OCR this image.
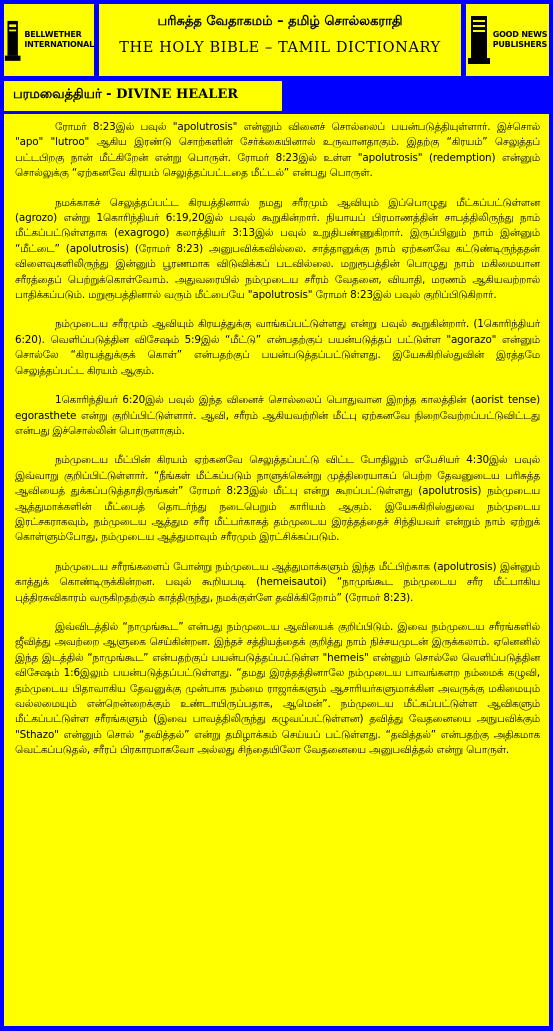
BELLWETHER
INTERNATIONAL
பரிசுத்த வேதாகமம் – தமிழ் சொல்லகராதி
THE HOLY BIBLE – TAMIL DICTIONARY
GOOD NEWS
PUBLISHERS
பரமவைத்தியர் - DIVINE HEALER

ரோமர் 8:23இல் பவுல் "apolutrosis" என்னும் வினைச் சொல்லைப் பயன்படுத்தியுள்ளார். இச்சொல் "apo" "lutroo" ஆகிய இரண்டு சொற்களின் சேர்க்கையினால் உருவானதாகும். இதற்கு “கிரயம்” செலுத்தப் பட்டபிறகு நான் மீட்கிறேன் என்று பொருள். ரோமர் 8:23இல் உள்ள "apolutrosis" (redemption) என்னும் சொல்லுக்கு “ஏற்கனவே கிரயம் செலுத்தப்பட்டதை மீட்டல்” என்பது பொருள்.

நமக்காகச் செலுத்தப்பட்ட கிரயத்தினால் நமது சரீரமும் ஆவியும் இப்பொழுது மீட்கப்பட்டுள்ளன (agrozo) என்று 1கொரிந்தியர் 6:19,20இல் பவுல் கூறுகின்றார். நியாயப் பிரமாணத்தின் சாபத்திலிருந்து நாம் மீட்கப்பட்டுள்ளதாக (exagrogo) கலாத்தியர் 3:13இல் பவுல் உறுதிபண்ணுகிறார். இருப்பினும் நாம் இன்னும் “மீட்டை” (apolutrosis) (ரோமர் 8:23) அனுபவிக்கவில்லை. சாத்தானுக்கு நாம் ஏற்கனவே கட்டுண்டிருந்ததன் விளைவுகளிலிருந்து இன்னும் பூரணமாக விடுவிக்கப் படவில்லை. மறுரூபத்தின் பொழுது நாம் மகிமையான சரீரத்தைப் பெற்றுக்கொள்வோம். அதுவரையில் நம்முடைய சரீரம் வேதனை, வியாதி, மரணம் ஆகியவற்றால் பாதிக்கப்படும். மறுரூபத்தினால் வரும் மீட்பையே "apolutrosis" ரோமர் 8:23இல் பவுல் குறிப்பிடுகிறார்.

நம்முடைய சரீரமும் ஆவியும் கிரயத்துக்கு வாங்கப்பட்டுள்ளது என்று பவுல் கூறுகின்றார். (1கொரிந்தியர் 6:20). வெளிப்படுத்தின விசேஷம் 5:9இல் “மீட்டு” என்பதற்குப் பயன்படுத்தப் பட்டுள்ள "agorazo" என்னும் சொல்லே “கிரயத்துக்குக் கொள்” என்பதற்குப் பயன்படுத்தப்பட்டுள்ளது. இயேசுகிறிஸ்துவின் இரத்தமே செலுத்தப்பட்ட கிரயம் ஆகும்.

1கொரிந்தியர் 6:20இல் பவுல் இந்த வினைச் சொல்லைப் பொதுவான இறந்த காலத்தின் (aorist tense) egorasthete என்று குறிப்பிட்டுள்ளார். ஆவி, சரீரம் ஆகியவற்றின் மீட்பு ஏற்கனவே நிறைவேற்றப்பட்டுவிட்டது என்பது இச்சொல்லின் பொருளாகும்.

நம்முடைய மீட்பின் கிரயம் ஏற்கனவே செலுத்தப்பட்டு விட்ட போதிலும் எபேசியர் 4:30இல் பவுல் இவ்வாறு குறிப்பிட்டுள்ளார். “நீங்கள் மீட்கப்படும் நாளுக்கென்று முத்திரையாகப் பெற்ற தேவனுடைய பரிசுத்த ஆவியைத் துக்கப்படுத்தாதிருங்கள்” ரோமர் 8:23இல் மீட்பு என்று கூறப்பட்டுள்ளது (apolutrosis) நம்முடைய ஆத்துமாக்களின் மீட்பைத் தொடர்ந்து நடைபெறும் காரியம் ஆகும். இயேசுகிறிஸ்துவை நம்முடைய இரட்சகராகவும், நம்முடைய ஆத்தும சரீர மீட்பர்காகத் தம்முடைய இரத்தத்தைச் சிந்தியவர் என்றும் நாம் ஏற்றுக் கொள்ளும்போது, நம்முடைய ஆத்துமாவும் சரீரமும் இரட்சிக்கப்படும்.

நம்முடைய சரீரங்களைப் போன்று நம்முடைய ஆத்துமாக்களும் இந்த மீட்பிற்காக (apolutrosis) இன்னும் காத்துக் கொண்டிருக்கின்றன. பவுல் கூறியபடி (hemeisautoi) “நாமுங்கூட நம்முடைய சரீர மீட்பாகிய புத்திரசுவிகாரம் வருகிறதற்கும் காத்திருந்து, நமக்குள்ளே தவிக்கிறோம்” (ரோமர் 8:23).

இவ்விடத்தில் “நாமுங்கூட” என்பது நம்முடைய ஆவியைக் குறிப்பிடும். இவை நம்முடைய சரீரங்களில் ஜீவித்து அவற்றை ஆளுகை செய்கின்றன. இந்தச் சத்தியத்தைக் குறித்து நாம் நிச்சயமுடன் இருக்கலாம். ஏனெனில் இந்த இடத்தில் “நாமுங்கூட” என்பதற்குப் பயன்படுத்தப்பட்டுள்ள "hemeis" என்னும் சொல்லே வெளிப்படுத்தின விசேஷம் 1:6இலும் பயன்படுத்தப்பட்டுள்ளது. “தமது இரத்தத்தினாலே நம்முடைய பாவங்களற நம்மைக் கழுவி, தம்முடைய பிதாவாகிய தேவனுக்கு முன்பாக நம்மை ராஜாக்களும் ஆசாரியர்களுமாக்கின அவருக்கு மகிமையும் வல்லமையும் என்றென்றைக்கும் உண்டாயிருப்பதாக, ஆமென்”. நம்முடைய மீட்கப்பட்டுள்ள ஆவிகளும் மீட்கப்பட்டுள்ள சரீரங்களும் (இவை பாவத்திலிருந்து கழுவப்பட்டுள்ளன) தவித்து வேதனையை அநுபவிக்கும் "Sthazo" என்னும் சொல் “தவித்தல்” என்று தமிழாக்கம் செய்யப் பட்டுள்ளது. “தவித்தல்” என்பதற்கு அதிகமாக வெட்கப்படுதல், சரீரப் பிரகாரமாகவோ அல்லது சிந்தையிலோ வேதனையை அனுபவித்தல் என்று பொருள்.
